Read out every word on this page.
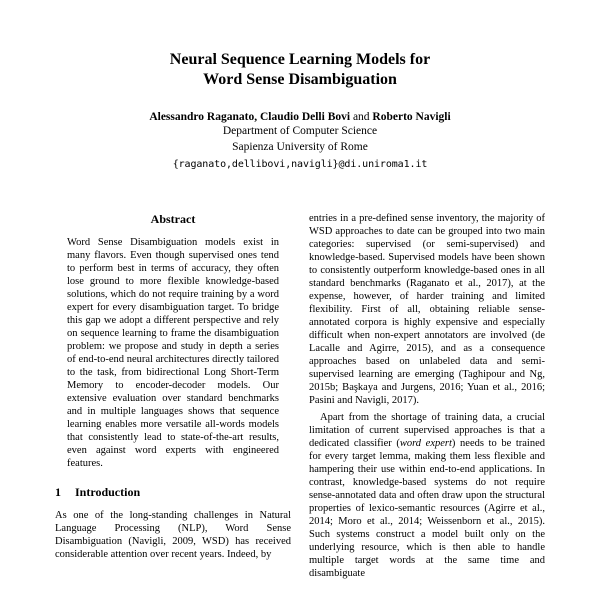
Neural Sequence Learning Models for
Word Sense Disambiguation
Alessandro Raganato, Claudio Delli Bovi and Roberto Navigli
Department of Computer Science
Sapienza University of Rome
{raganato,dellibovi,navigli}@di.uniroma1.it
Abstract

Word Sense Disambiguation models exist in many flavors. Even though supervised ones tend to perform best in terms of accuracy, they often lose ground to more flexible knowledge-based solutions, which do not require training by a word expert for every disambiguation target. To bridge this gap we adopt a different perspective and rely on sequence learning to frame the disambiguation problem: we propose and study in depth a series of end-to-end neural architectures directly tailored to the task, from bidirectional Long Short-Term Memory to encoder-decoder models. Our extensive evaluation over standard benchmarks and in multiple languages shows that sequence learning enables more versatile all-words models that consistently lead to state-of-the-art results, even against word experts with engineered features.

1 Introduction

As one of the long-standing challenges in Natural Language Processing (NLP), Word Sense Disambiguation (Navigli, 2009, WSD) has received considerable attention over recent years. Indeed, by

entries in a pre-defined sense inventory, the majority of WSD approaches to date can be grouped into two main categories: supervised (or semi-supervised) and knowledge-based. Supervised models have been shown to consistently outperform knowledge-based ones in all standard benchmarks (Raganato et al., 2017), at the expense, however, of harder training and limited flexibility. First of all, obtaining reliable sense-annotated corpora is highly expensive and especially difficult when non-expert annotators are involved (de Lacalle and Agirre, 2015), and as a consequence approaches based on unlabeled data and semi-supervised learning are emerging (Taghipour and Ng, 2015b; Başkaya and Jurgens, 2016; Yuan et al., 2016; Pasini and Navigli, 2017).

Apart from the shortage of training data, a crucial limitation of current supervised approaches is that a dedicated classifier (word expert) needs to be trained for every target lemma, making them less flexible and hampering their use within end-to-end applications. In contrast, knowledge-based systems do not require sense-annotated data and often draw upon the structural properties of lexico-semantic resources (Agirre et al., 2014; Moro et al., 2014; Weissenborn et al., 2015). Such systems construct a model built only on the underlying resource, which is then able to handle multiple target words at the same time and disambiguate
